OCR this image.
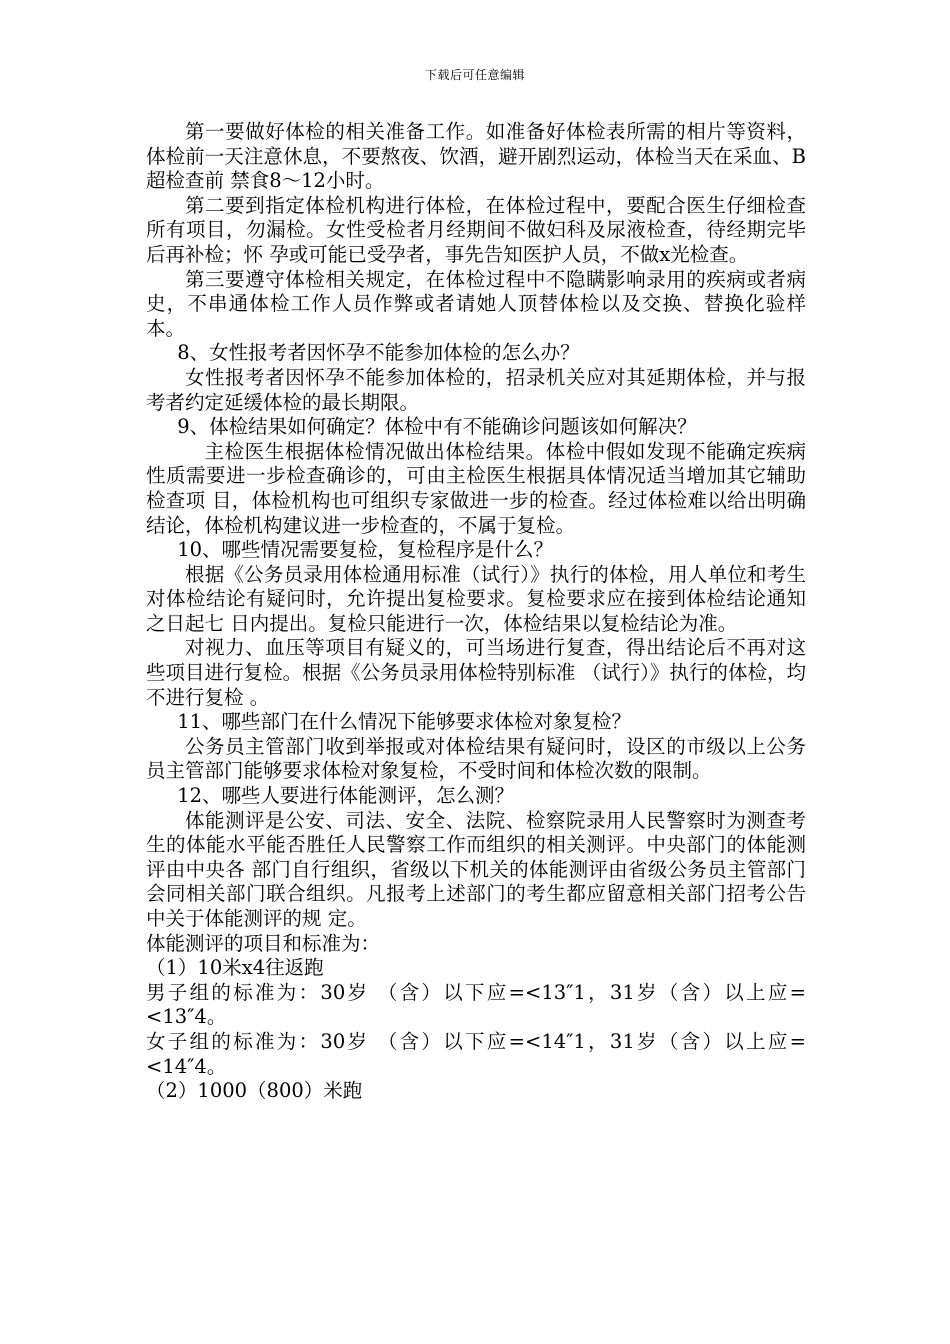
下载后可任意编辑

第一要做好体检的相关准备工作。如准备好体检表所需的相片等资料，体检前一天注意休息，不要熬夜、饮酒，避开剧烈运动，体检当天在采血、B超检查前 禁食8～12小时。

第二要到指定体检机构进行体检，在体检过程中，要配合医生仔细检查所有项目，勿漏检。女性受检者月经期间不做妇科及尿液检查，待经期完毕后再补检；怀 孕或可能已受孕者，事先告知医护人员，不做x光检查。

第三要遵守体检相关规定，在体检过程中不隐瞒影响录用的疾病或者病史，不串通体检工作人员作弊或者请她人顶替体检以及交换、替换化验样本。

8、女性报考者因怀孕不能参加体检的怎么办？

女性报考者因怀孕不能参加体检的，招录机关应对其延期体检，并与报考者约定延缓体检的最长期限。

9、体检结果如何确定？体检中有不能确诊问题该如何解决？

主检医生根据体检情况做出体检结果。体检中假如发现不能确定疾病性质需要进一步检查确诊的，可由主检医生根据具体情况适当增加其它辅助检查项 目，体检机构也可组织专家做进一步的检查。经过体检难以给出明确结论，体检机构建议进一步检查的，不属于复检。

10、哪些情况需要复检，复检程序是什么？

根据《公务员录用体检通用标准（试行）》执行的体检，用人单位和考生对体检结论有疑问时，允许提出复检要求。复检要求应在接到体检结论通知之日起七 日内提出。复检只能进行一次，体检结果以复检结论为准。

对视力、血压等项目有疑义的，可当场进行复查，得出结论后不再对这些项目进行复检。根据《公务员录用体检特别标准 （试行）》执行的体检，均不进行复检 。

11、哪些部门在什么情况下能够要求体检对象复检？

公务员主管部门收到举报或对体检结果有疑问时，设区的市级以上公务员主管部门能够要求体检对象复检，不受时间和体检次数的限制。

12、哪些人要进行体能测评，怎么测？

体能测评是公安、司法、安全、法院、检察院录用人民警察时为测查考生的体能水平能否胜任人民警察工作而组织的相关测评。中央部门的体能测评由中央各 部门自行组织，省级以下机关的体能测评由省级公务员主管部门会同相关部门联合组织。凡报考上述部门的考生都应留意相关部门招考公告中关于体能测评的规 定。

体能测评的项目和标准为：

（1）10米x4往返跑

男子组的标准为：30岁 （含）以下应=<13″1，31岁（含）以上应=<13″4。

女子组的标准为：30岁 （含）以下应=<14″1，31岁（含）以上应=<14″4。

（2）1000（800）米跑
